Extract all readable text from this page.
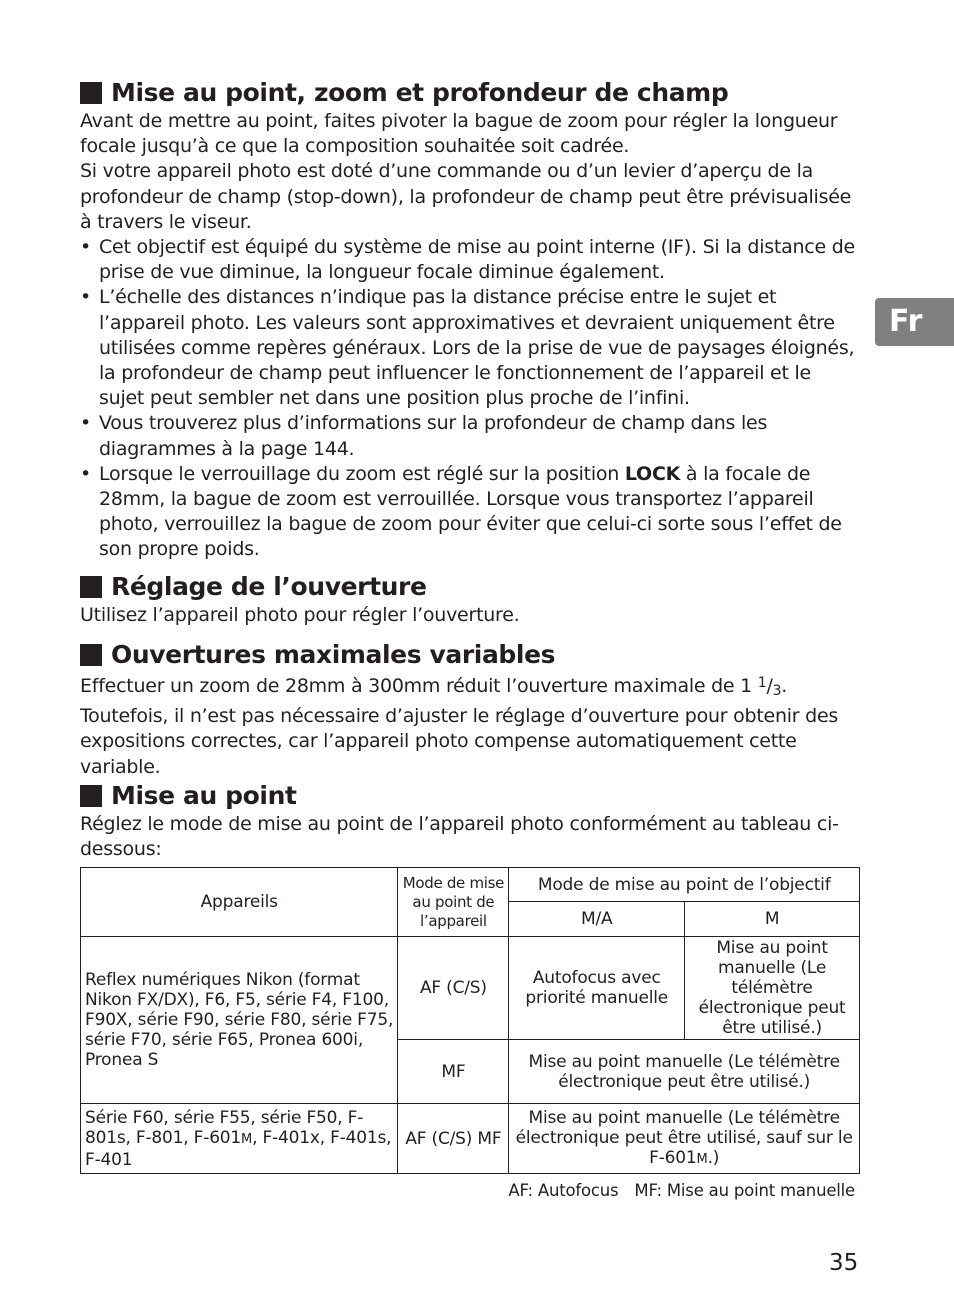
Fr
Mise au point, zoom et profondeur de champ

Avant de mettre au point, faites pivoter la bague de zoom pour régler la longueur focale jusqu’à ce que la composition souhaitée soit cadrée.

Si votre appareil photo est doté d’une commande ou d’un levier d’aperçu de la profondeur de champ (stop-down), la profondeur de champ peut être prévisualisée à travers le viseur.

• Cet objectif est équipé du système de mise au point interne (IF). Si la distance de prise de vue diminue, la longueur focale diminue également.
• L’échelle des distances n’indique pas la distance précise entre le sujet et l’appareil photo. Les valeurs sont approximatives et devraient uniquement être utilisées comme repères généraux. Lors de la prise de vue de paysages éloignés, la profondeur de champ peut influencer le fonctionnement de l’appareil et le sujet peut sembler net dans une position plus proche de l’infini.
• Vous trouverez plus d’informations sur la profondeur de champ dans les diagrammes à la page 144.
• Lorsque le verrouillage du zoom est réglé sur la position LOCK à la focale de 28mm, la bague de zoom est verrouillée. Lorsque vous transportez l’appareil photo, verrouillez la bague de zoom pour éviter que celui-ci sorte sous l’effet de son propre poids.
Réglage de l’ouverture

Utilisez l’appareil photo pour régler l’ouverture.

Ouvertures maximales variables

Effectuer un zoom de 28mm à 300mm réduit l’ouverture maximale de 1 $^1/_3$. Toutefois, il n’est pas nécessaire d’ajuster le réglage d’ouverture pour obtenir des expositions correctes, car l’appareil photo compense automatiquement cette variable.

Mise au point

Réglez le mode de mise au point de l’appareil photo conformément au tableau ci-dessous:

Appareils	Mode de mise au point de l’appareil	Mode de mise au point de l’objectif	
		M/A	M
Reflex numériques Nikon (format Nikon FX/DX), F6, F5, série F4, F100, F90X, série F90, série F80, série F75, série F70, série F65, Pronea 600i, Pronea S	AF (C/S)	Autofocus avec priorité manuelle	Mise au point manuelle (Le télémètre électronique peut être utilisé.)
	MF	Mise au point manuelle (Le télémètre électronique peut être utilisé.)	
Série F60, série F55, série F50, F-801s, F-801, F-601M, F-401x, F-401s, F-401	AF (C/S) MF	Mise au point manuelle (Le télémètre électronique peut être utilisé, sauf sur le F-601M.)	
AF: Autofocus MF: Mise au point manuelle
35
